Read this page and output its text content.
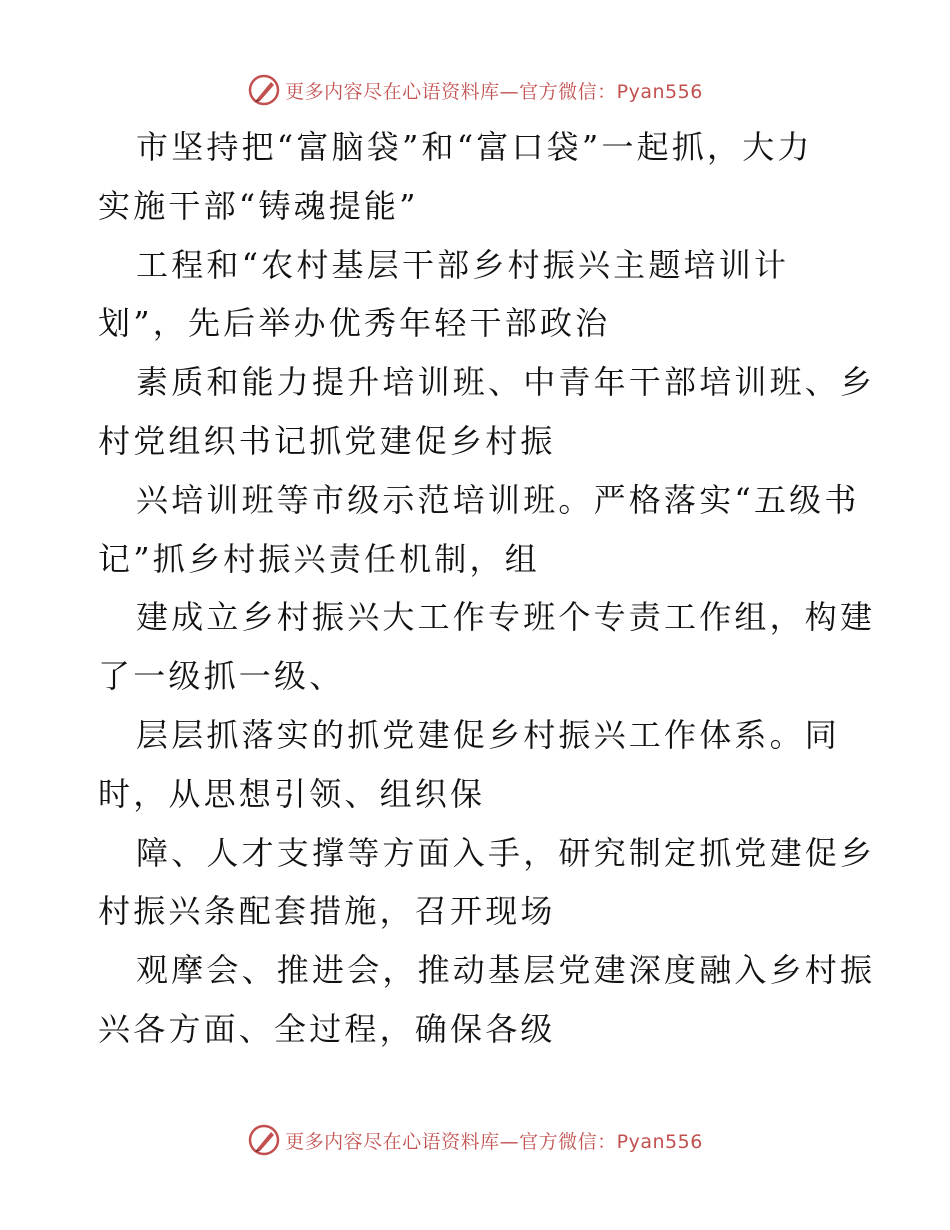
更多内容尽在心语资料库—官方微信：Pyan556
市坚持把“富脑袋”和“富口袋”一起抓，大力
实施干部“铸魂提能”
工程和“农村基层干部乡村振兴主题培训计
划”，先后举办优秀年轻干部政治
素质和能力提升培训班、中青年干部培训班、乡
村党组织书记抓党建促乡村振
兴培训班等市级示范培训班。严格落实“五级书
记”抓乡村振兴责任机制，组
建成立乡村振兴大工作专班个专责工作组，构建
了一级抓一级、
层层抓落实的抓党建促乡村振兴工作体系。同
时，从思想引领、组织保
障、人才支撑等方面入手，研究制定抓党建促乡
村振兴条配套措施，召开现场
观摩会、推进会，推动基层党建深度融入乡村振
兴各方面、全过程，确保各级
更多内容尽在心语资料库—官方微信：Pyan556
